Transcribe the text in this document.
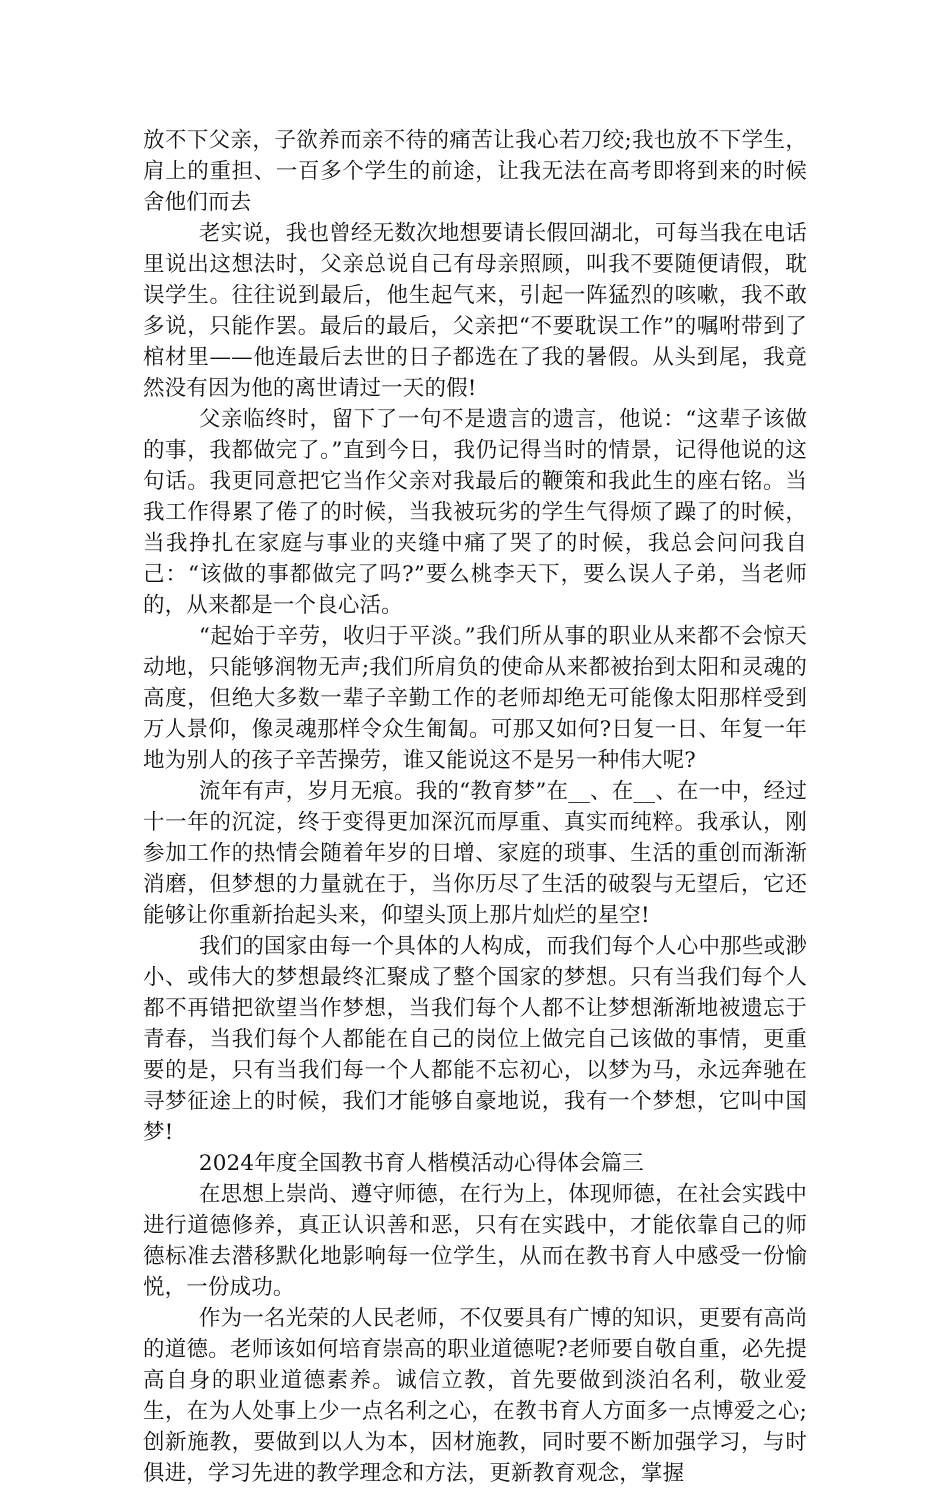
放不下父亲，子欲养而亲不待的痛苦让我心若刀绞;我也放不下学生，肩上的重担、一百多个学生的前途，让我无法在高考即将到来的时候舍他们而去

老实说，我也曾经无数次地想要请长假回湖北，可每当我在电话里说出这想法时，父亲总说自己有母亲照顾，叫我不要随便请假，耽误学生。往往说到最后，他生起气来，引起一阵猛烈的咳嗽，我不敢多说，只能作罢。最后的最后，父亲把“不要耽误工作”的嘱咐带到了棺材里——他连最后去世的日子都选在了我的暑假。从头到尾，我竟然没有因为他的离世请过一天的假!

父亲临终时，留下了一句不是遗言的遗言，他说：“这辈子该做的事，我都做完了。”直到今日，我仍记得当时的情景，记得他说的这句话。我更同意把它当作父亲对我最后的鞭策和我此生的座右铭。当我工作得累了倦了的时候，当我被玩劣的学生气得烦了躁了的时候，当我挣扎在家庭与事业的夹缝中痛了哭了的时候，我总会问问我自己：“该做的事都做完了吗?”要么桃李天下，要么误人子弟，当老师的，从来都是一个良心活。

“起始于辛劳，收归于平淡。”我们所从事的职业从来都不会惊天动地，只能够润物无声;我们所肩负的使命从来都被抬到太阳和灵魂的高度，但绝大多数一辈子辛勤工作的老师却绝无可能像太阳那样受到万人景仰，像灵魂那样令众生匍匐。可那又如何?日复一日、年复一年地为别人的孩子辛苦操劳，谁又能说这不是另一种伟大呢?

流年有声，岁月无痕。我的“教育梦”在__、在__、在一中，经过十一年的沉淀，终于变得更加深沉而厚重、真实而纯粹。我承认，刚参加工作的热情会随着年岁的日增、家庭的琐事、生活的重创而渐渐消磨，但梦想的力量就在于，当你历尽了生活的破裂与无望后，它还能够让你重新抬起头来，仰望头顶上那片灿烂的星空!

我们的国家由每一个具体的人构成，而我们每个人心中那些或渺小、或伟大的梦想最终汇聚成了整个国家的梦想。只有当我们每个人都不再错把欲望当作梦想，当我们每个人都不让梦想渐渐地被遗忘于青春，当我们每个人都能在自己的岗位上做完自己该做的事情，更重要的是，只有当我们每一个人都能不忘初心，以梦为马，永远奔驰在寻梦征途上的时候，我们才能够自豪地说，我有一个梦想，它叫中国梦!

2024年度全国教书育人楷模活动心得体会篇三

在思想上崇尚、遵守师德，在行为上，体现师德，在社会实践中进行道德修养，真正认识善和恶，只有在实践中，才能依靠自己的师德标准去潜移默化地影响每一位学生，从而在教书育人中感受一份愉悦，一份成功。

作为一名光荣的人民老师，不仅要具有广博的知识，更要有高尚的道德。老师该如何培育崇高的职业道德呢?老师要自敬自重，必先提高自身的职业道德素养。诚信立教，首先要做到淡泊名利，敬业爱生，在为人处事上少一点名利之心，在教书育人方面多一点博爱之心;创新施教，要做到以人为本，因材施教，同时要不断加强学习，与时俱进，学习先进的教学理念和方法，更新教育观念，掌握
